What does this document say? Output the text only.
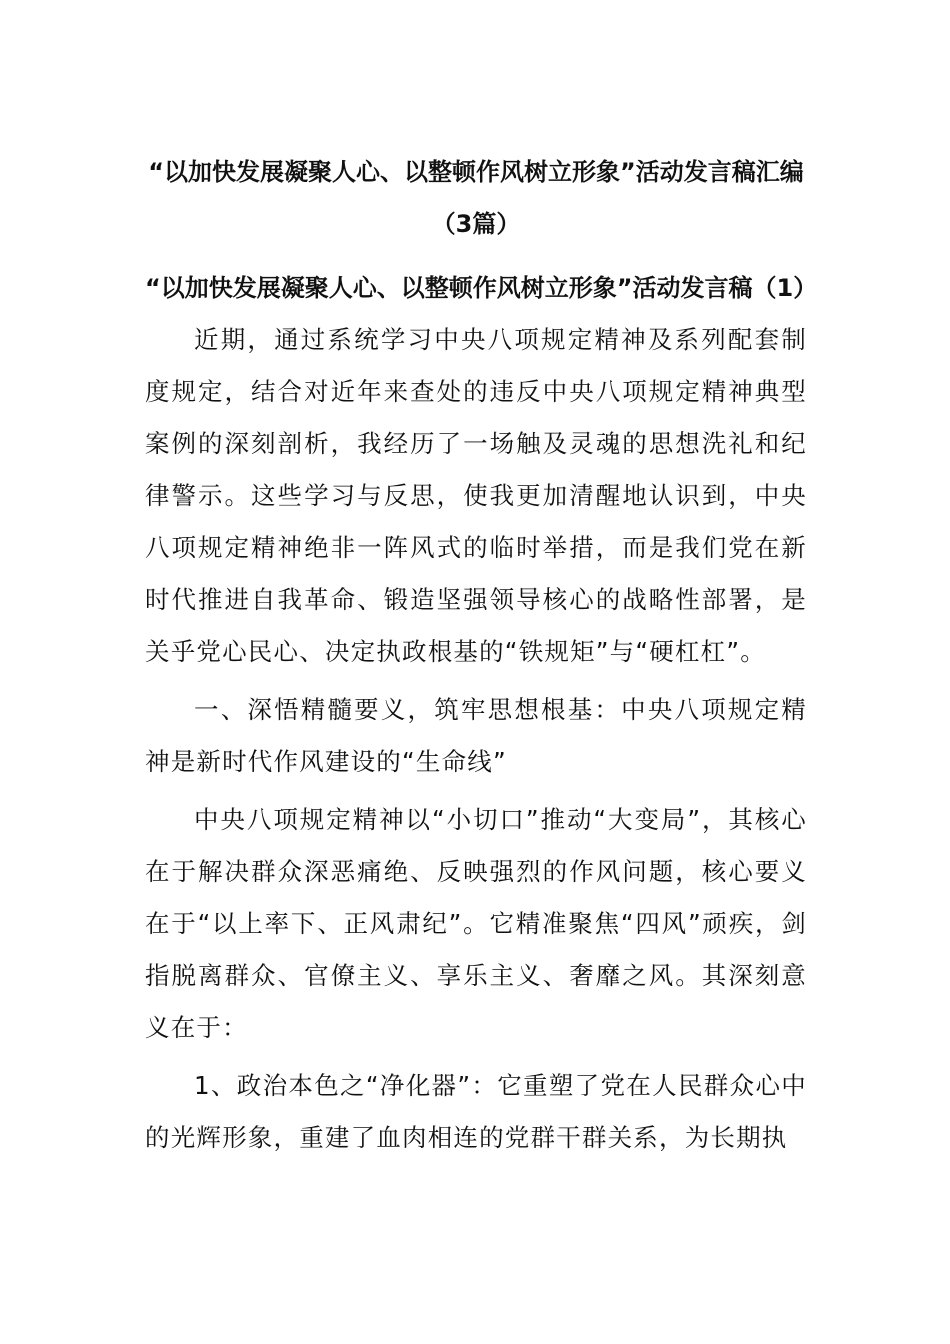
“以加快发展凝聚人心、以整顿作风树立形象”活动发言稿汇编（3篇）

“以加快发展凝聚人心、以整顿作风树立形象”活动发言稿（1）

近期，通过系统学习中央八项规定精神及系列配套制度规定，结合对近年来查处的违反中央八项规定精神典型案例的深刻剖析，我经历了一场触及灵魂的思想洗礼和纪律警示。这些学习与反思，使我更加清醒地认识到，中央八项规定精神绝非一阵风式的临时举措，而是我们党在新时代推进自我革命、锻造坚强领导核心的战略性部署，是关乎党心民心、决定执政根基的“铁规矩”与“硬杠杠”。

一、深悟精髓要义，筑牢思想根基：中央八项规定精神是新时代作风建设的“生命线”

中央八项规定精神以“小切口”推动“大变局”，其核心在于解决群众深恶痛绝、反映强烈的作风问题，核心要义在于“以上率下、正风肃纪”。它精准聚焦“四风”顽疾，剑指脱离群众、官僚主义、享乐主义、奢靡之风。其深刻意义在于：

1、政治本色之“净化器”：它重塑了党在人民群众心中的光辉形象，重建了血肉相连的党群干群关系，为长期执
